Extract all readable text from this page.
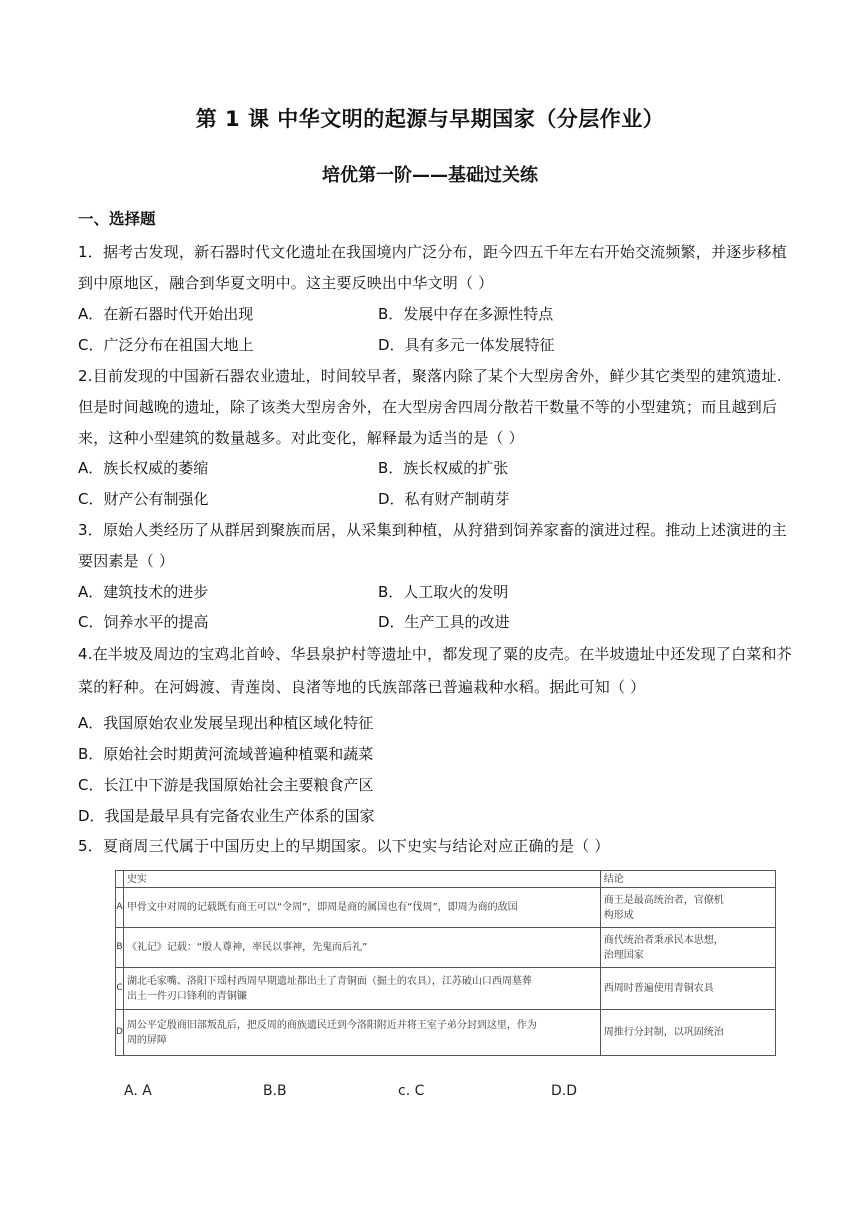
第 1 课 中华文明的起源与早期国家（分层作业）
培优第一阶——基础过关练
一、选择题
1．据考古发现，新石器时代文化遗址在我国境内广泛分布，距今四五千年左右开始交流频繁，并逐步移植
到中原地区，融合到华夏文明中。这主要反映出中华文明（ ）
A．在新石器时代开始出现	B．发展中存在多源性特点
C．广泛分布在祖国大地上	D．具有多元一体发展特征
2.目前发现的中国新石器农业遗址，时间较早者，聚落内除了某个大型房舍外，鲜少其它类型的建筑遗址.
但是时间越晚的遗址，除了该类大型房舍外，在大型房舍四周分散若干数量不等的小型建筑；而且越到后
来，这种小型建筑的数量越多。对此变化，解释最为适当的是（ ）
A．族长权威的萎缩	B．族长权威的扩张
C．财产公有制强化	D．私有财产制萌芽
3．原始人类经历了从群居到聚族而居，从采集到种植，从狩猎到饲养家畜的演进过程。推动上述演进的主
要因素是（ ）
A．建筑技术的进步	B．人工取火的发明
C．饲养水平的提高	D．生产工具的改进
4.在半坡及周边的宝鸡北首岭、华县泉护村等遗址中，都发现了粟的皮壳。在半坡遗址中还发现了白菜和芥
菜的籽种。在河姆渡、青莲岗、良渚等地的氏族部落已普遍栽种水稻。据此可知（ ）
A．我国原始农业发展呈现出种植区域化特征
B．原始社会时期黄河流域普遍种植粟和蔬菜
C．长江中下游是我国原始社会主要粮食产区
D．我国是最早具有完备农业生产体系的国家
5．夏商周三代属于中国历史上的早期国家。以下史实与结论对应正确的是（ ）
	史实	结论
A	甲骨文中对周的记载既有商王可以“令周”，即周是商的属国也有“伐周”，即周为商的敌国	商王是最高统治者，官僚机
构形成
B	《礼记》记载：“殷人尊神，率民以事神，先鬼而后礼”	商代统治者秉承民本思想，
治理国家
C	湖北毛家嘴、洛阳下瑶村西周早期遗址都出土了青铜面（掘土的农具），江苏破山口西周墓葬
出土一件刃口锋利的青铜镰	西周时普遍使用青铜农具
D	周公平定殷商旧部叛乱后，把反周的商族遗民迁到今洛阳附近并将王室子弟分封到这里，作为
周的屏障	周推行分封制，以巩固统治
A. A	B.B	c. C	D.D
